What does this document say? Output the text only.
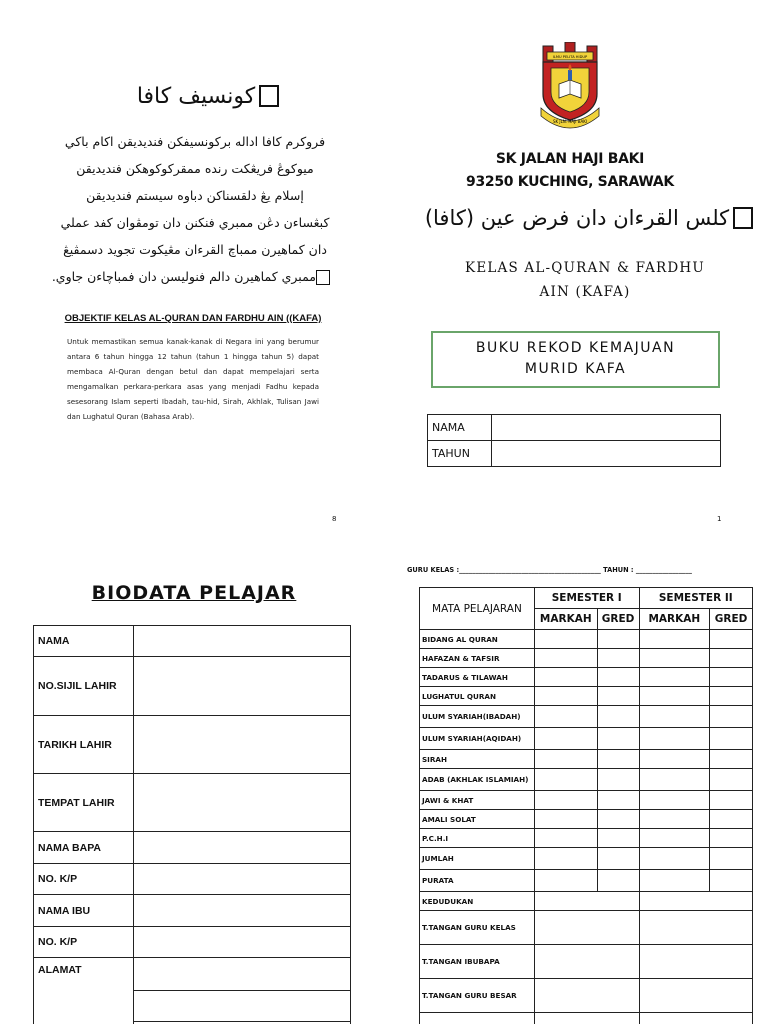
كونسيف كافا
فروكرم كافا اداله بركونسيفكن فنديديقن اكام باكي
ميوكوڠ فريڠكت رنده ممقركوكوهكن فنديديقن
إسلام يڠ دلقسناكن دباوه سيستم فنديديقن
كبڠساءن دڠن ممبري فنكنن دان تومڤوان كفد عملي
دان كماهيرن ممباچ القرءان مڠيكوت تجويد دسمڤيڠ
ممبري كماهيرن دالم فنوليسن دان فمباچاءن جاوي.
OBJEKTIF KELAS AL-QURAN DAN FARDHU AIN ((KAFA)
Untuk memastikan semua kanak-kanak di Negara ini yang berumur antara 6 tahun hingga 12 tahun (tahun 1 hingga tahun 5) dapat membaca Al-Quran dengan betul dan dapat mempelajari serta mengamalkan perkara-perkara asas yang menjadi Fadhu kepada sesesorang Islam seperti Ibadah, tau-hid, Sirah, Akhlak, Tulisan Jawi dan Lughatul Quran (Bahasa Arab).
8
ILMU PELITA HIDUP
SK JLN. HAJI BAKI
SK JALAN HAJI BAKI
93250 KUCHING, SARAWAK
كلس القرءان دان فرض عين (كافا)
KELAS AL-QURAN & FARDHU
AIN (KAFA)
BUKU REKOD KEMAJUAN
MURID KAFA
NAMA	
TAHUN	
1
BIODATA PELAJAR
NAMA	
NO.SIJIL LAHIR	
TARIKH LAHIR	
TEMPAT LAHIR	
NAMA BAPA	
NO. K/P	
NAMA IBU	
NO. K/P	
ALAMAT	

GURU KELAS :___________________________________________ TAHUN : _________________
MATA PELAJARAN	SEMESTER I		SEMESTER II	
	MARKAH	GRED	MARKAH	GRED
BIDANG AL QURAN				
HAFAZAN & TAFSIR				
TADARUS & TILAWAH				
LUGHATUL QURAN				
ULUM SYARIAH(IBADAH)				
ULUM SYARIAH(AQIDAH)				
SIRAH				
ADAB (AKHLAK ISLAMIAH)				
JAWI & KHAT				
AMALI SOLAT				
P.C.H.I				
JUMLAH				
PURATA				
KEDUDUKAN				
T.TANGAN GURU KELAS				
T.TANGAN IBUBAPA				
T.TANGAN GURU BESAR				
